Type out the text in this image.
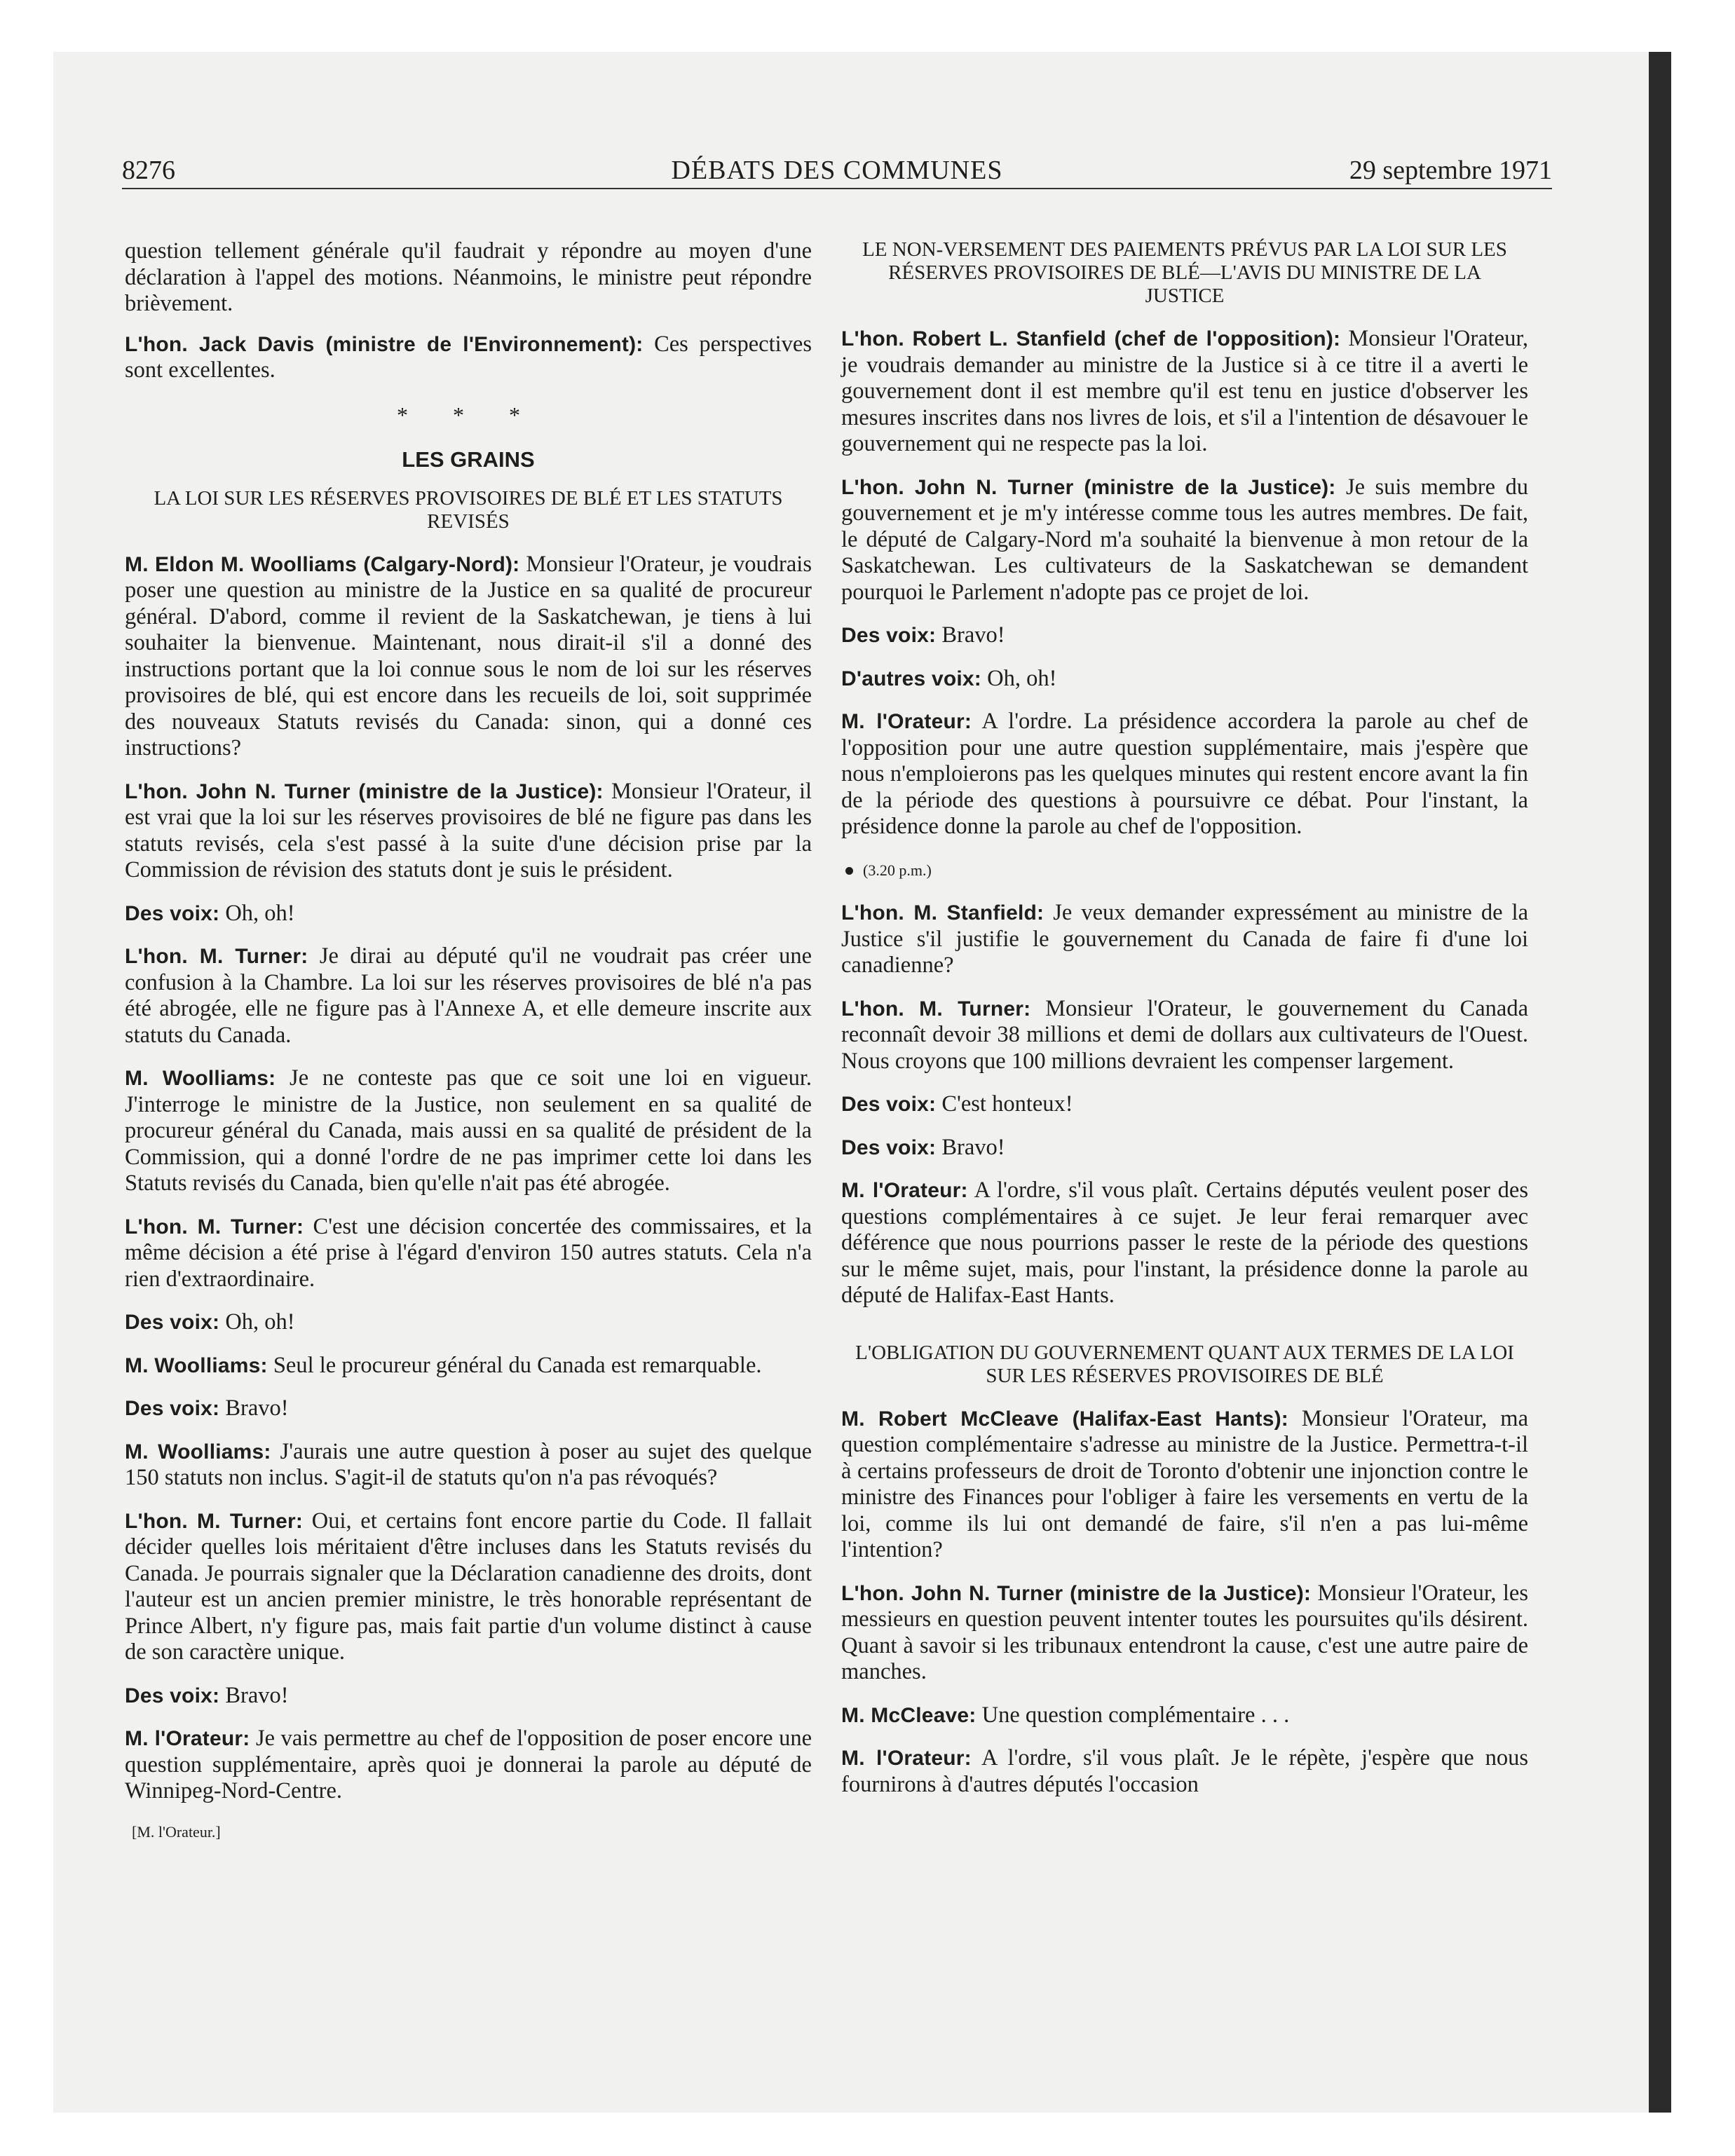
8276	DÉBATS DES COMMUNES	29 septembre 1971

question tellement générale qu'il faudrait y répondre au moyen d'une déclaration à l'appel des motions. Néanmoins, le ministre peut répondre brièvement.

L'hon. Jack Davis (ministre de l'Environnement): Ces perspectives sont excellentes.

* * *
LES GRAINS
LA LOI SUR LES RÉSERVES PROVISOIRES DE BLÉ ET LES STATUTS REVISÉS

M. Eldon M. Woolliams (Calgary-Nord): Monsieur l'Orateur, je voudrais poser une question au ministre de la Justice en sa qualité de procureur général. D'abord, comme il revient de la Saskatchewan, je tiens à lui souhaiter la bienvenue. Maintenant, nous dirait-il s'il a donné des instructions portant que la loi connue sous le nom de loi sur les réserves provisoires de blé, qui est encore dans les recueils de loi, soit supprimée des nouveaux Statuts revisés du Canada: sinon, qui a donné ces instructions?

L'hon. John N. Turner (ministre de la Justice): Monsieur l'Orateur, il est vrai que la loi sur les réserves provisoires de blé ne figure pas dans les statuts revisés, cela s'est passé à la suite d'une décision prise par la Commission de révision des statuts dont je suis le président.

Des voix: Oh, oh!

L'hon. M. Turner: Je dirai au député qu'il ne voudrait pas créer une confusion à la Chambre. La loi sur les réserves provisoires de blé n'a pas été abrogée, elle ne figure pas à l'Annexe A, et elle demeure inscrite aux statuts du Canada.

M. Woolliams: Je ne conteste pas que ce soit une loi en vigueur. J'interroge le ministre de la Justice, non seulement en sa qualité de procureur général du Canada, mais aussi en sa qualité de président de la Commission, qui a donné l'ordre de ne pas imprimer cette loi dans les Statuts revisés du Canada, bien qu'elle n'ait pas été abrogée.

L'hon. M. Turner: C'est une décision concertée des commissaires, et la même décision a été prise à l'égard d'environ 150 autres statuts. Cela n'a rien d'extraordinaire.

Des voix: Oh, oh!

M. Woolliams: Seul le procureur général du Canada est remarquable.

Des voix: Bravo!

M. Woolliams: J'aurais une autre question à poser au sujet des quelque 150 statuts non inclus. S'agit-il de statuts qu'on n'a pas révoqués?

L'hon. M. Turner: Oui, et certains font encore partie du Code. Il fallait décider quelles lois méritaient d'être incluses dans les Statuts revisés du Canada. Je pourrais signaler que la Déclaration canadienne des droits, dont l'auteur est un ancien premier ministre, le très honorable représentant de Prince Albert, n'y figure pas, mais fait partie d'un volume distinct à cause de son caractère unique.

Des voix: Bravo!

M. l'Orateur: Je vais permettre au chef de l'opposition de poser encore une question supplémentaire, après quoi je donnerai la parole au député de Winnipeg-Nord-Centre.

[M. l'Orateur.]
LE NON-VERSEMENT DES PAIEMENTS PRÉVUS PAR LA LOI SUR LES RÉSERVES PROVISOIRES DE BLÉ—L'AVIS DU MINISTRE DE LA JUSTICE

L'hon. Robert L. Stanfield (chef de l'opposition): Monsieur l'Orateur, je voudrais demander au ministre de la Justice si à ce titre il a averti le gouvernement dont il est membre qu'il est tenu en justice d'observer les mesures inscrites dans nos livres de lois, et s'il a l'intention de désavouer le gouvernement qui ne respecte pas la loi.

L'hon. John N. Turner (ministre de la Justice): Je suis membre du gouvernement et je m'y intéresse comme tous les autres membres. De fait, le député de Calgary-Nord m'a souhaité la bienvenue à mon retour de la Saskatchewan. Les cultivateurs de la Saskatchewan se demandent pourquoi le Parlement n'adopte pas ce projet de loi.

Des voix: Bravo!

D'autres voix: Oh, oh!

M. l'Orateur: A l'ordre. La présidence accordera la parole au chef de l'opposition pour une autre question supplémentaire, mais j'espère que nous n'emploierons pas les quelques minutes qui restent encore avant la fin de la période des questions à poursuivre ce débat. Pour l'instant, la présidence donne la parole au chef de l'opposition.

(3.20 p.m.)

L'hon. M. Stanfield: Je veux demander expressément au ministre de la Justice s'il justifie le gouvernement du Canada de faire fi d'une loi canadienne?

L'hon. M. Turner: Monsieur l'Orateur, le gouvernement du Canada reconnaît devoir 38 millions et demi de dollars aux cultivateurs de l'Ouest. Nous croyons que 100 millions devraient les compenser largement.

Des voix: C'est honteux!

Des voix: Bravo!

M. l'Orateur: A l'ordre, s'il vous plaît. Certains députés veulent poser des questions complémentaires à ce sujet. Je leur ferai remarquer avec déférence que nous pourrions passer le reste de la période des questions sur le même sujet, mais, pour l'instant, la présidence donne la parole au député de Halifax-East Hants.

L'OBLIGATION DU GOUVERNEMENT QUANT AUX TERMES DE LA LOI SUR LES RÉSERVES PROVISOIRES DE BLÉ

M. Robert McCleave (Halifax-East Hants): Monsieur l'Orateur, ma question complémentaire s'adresse au ministre de la Justice. Permettra-t-il à certains professeurs de droit de Toronto d'obtenir une injonction contre le ministre des Finances pour l'obliger à faire les versements en vertu de la loi, comme ils lui ont demandé de faire, s'il n'en a pas lui-même l'intention?

L'hon. John N. Turner (ministre de la Justice): Monsieur l'Orateur, les messieurs en question peuvent intenter toutes les poursuites qu'ils désirent. Quant à savoir si les tribunaux entendront la cause, c'est une autre paire de manches.

M. McCleave: Une question complémentaire . . .

M. l'Orateur: A l'ordre, s'il vous plaît. Je le répète, j'espère que nous fournirons à d'autres députés l'occasion
